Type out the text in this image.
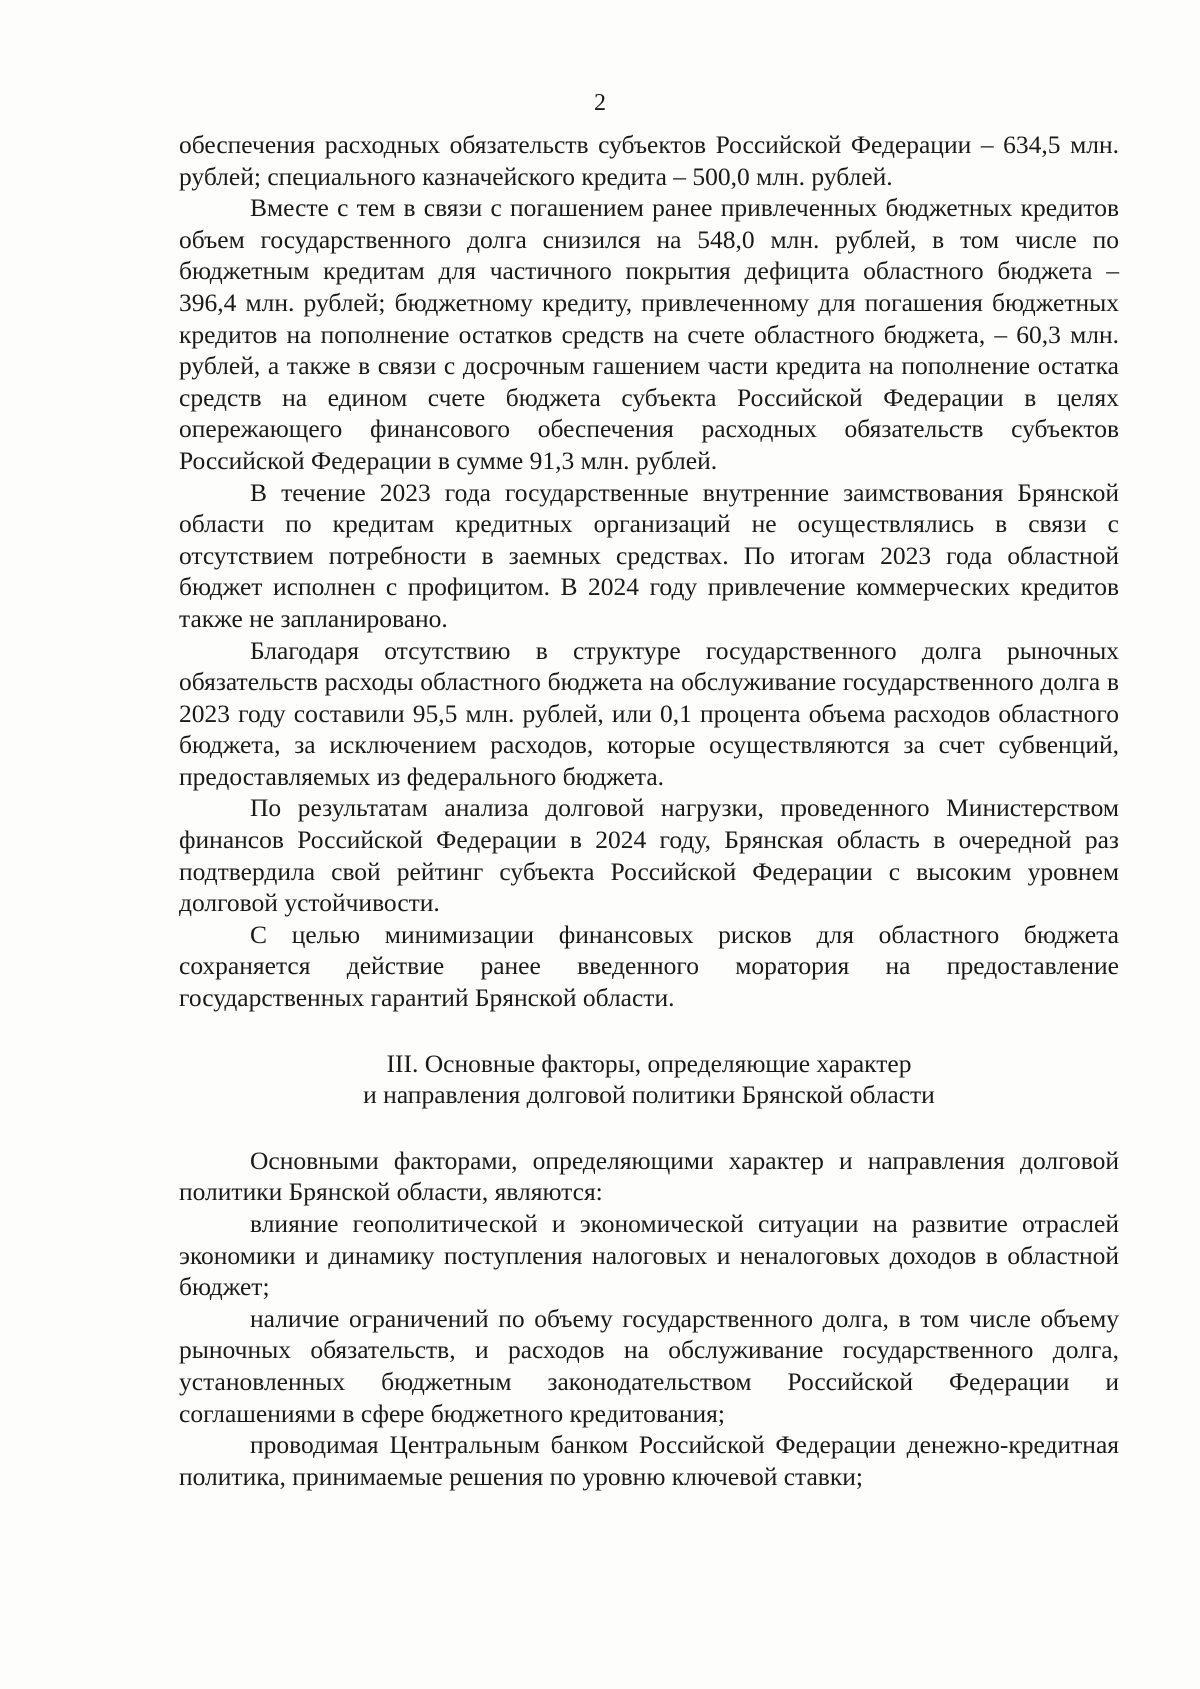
2

обеспечения расходных обязательств субъектов Российской Федерации – 634,5 млн. рублей; специального казначейского кредита – 500,0 млн. рублей.

Вместе с тем в связи с погашением ранее привлеченных бюджетных кредитов объем государственного долга снизился на 548,0 млн. рублей, в том числе по бюджетным кредитам для частичного покрытия дефицита областного бюджета – 396,4 млн. рублей; бюджетному кредиту, привлеченному для погашения бюджетных кредитов на пополнение остатков средств на счете областного бюджета, – 60,3 млн. рублей, а также в связи с досрочным гашением части кредита на пополнение остатка средств на едином счете бюджета субъекта Российской Федерации в целях опережающего финансового обеспечения расходных обязательств субъектов Российской Федерации в сумме 91,3 млн. рублей.

В течение 2023 года государственные внутренние заимствования Брянской области по кредитам кредитных организаций не осуществлялись в связи с отсутствием потребности в заемных средствах. По итогам 2023 года областной бюджет исполнен с профицитом. В 2024 году привлечение коммерческих кредитов также не запланировано.

Благодаря отсутствию в структуре государственного долга рыночных обязательств расходы областного бюджета на обслуживание государственного долга в 2023 году составили 95,5 млн. рублей, или 0,1 процента объема расходов областного бюджета, за исключением расходов, которые осуществляются за счет субвенций, предоставляемых из федерального бюджета.

По результатам анализа долговой нагрузки, проведенного Министерством финансов Российской Федерации в 2024 году, Брянская область в очередной раз подтвердила свой рейтинг субъекта Российской Федерации с высоким уровнем долговой устойчивости.

С целью минимизации финансовых рисков для областного бюджета сохраняется действие ранее введенного моратория на предоставление государственных гарантий Брянской области.

III. Основные факторы, определяющие характер
и направления долговой политики Брянской области

Основными факторами, определяющими характер и направления долговой политики Брянской области, являются:

влияние геополитической и экономической ситуации на развитие отраслей экономики и динамику поступления налоговых и неналоговых доходов в областной бюджет;

наличие ограничений по объему государственного долга, в том числе объему рыночных обязательств, и расходов на обслуживание государственного долга, установленных бюджетным законодательством Российской Федерации и соглашениями в сфере бюджетного кредитования;

проводимая Центральным банком Российской Федерации денежно-кредитная политика, принимаемые решения по уровню ключевой ставки;
